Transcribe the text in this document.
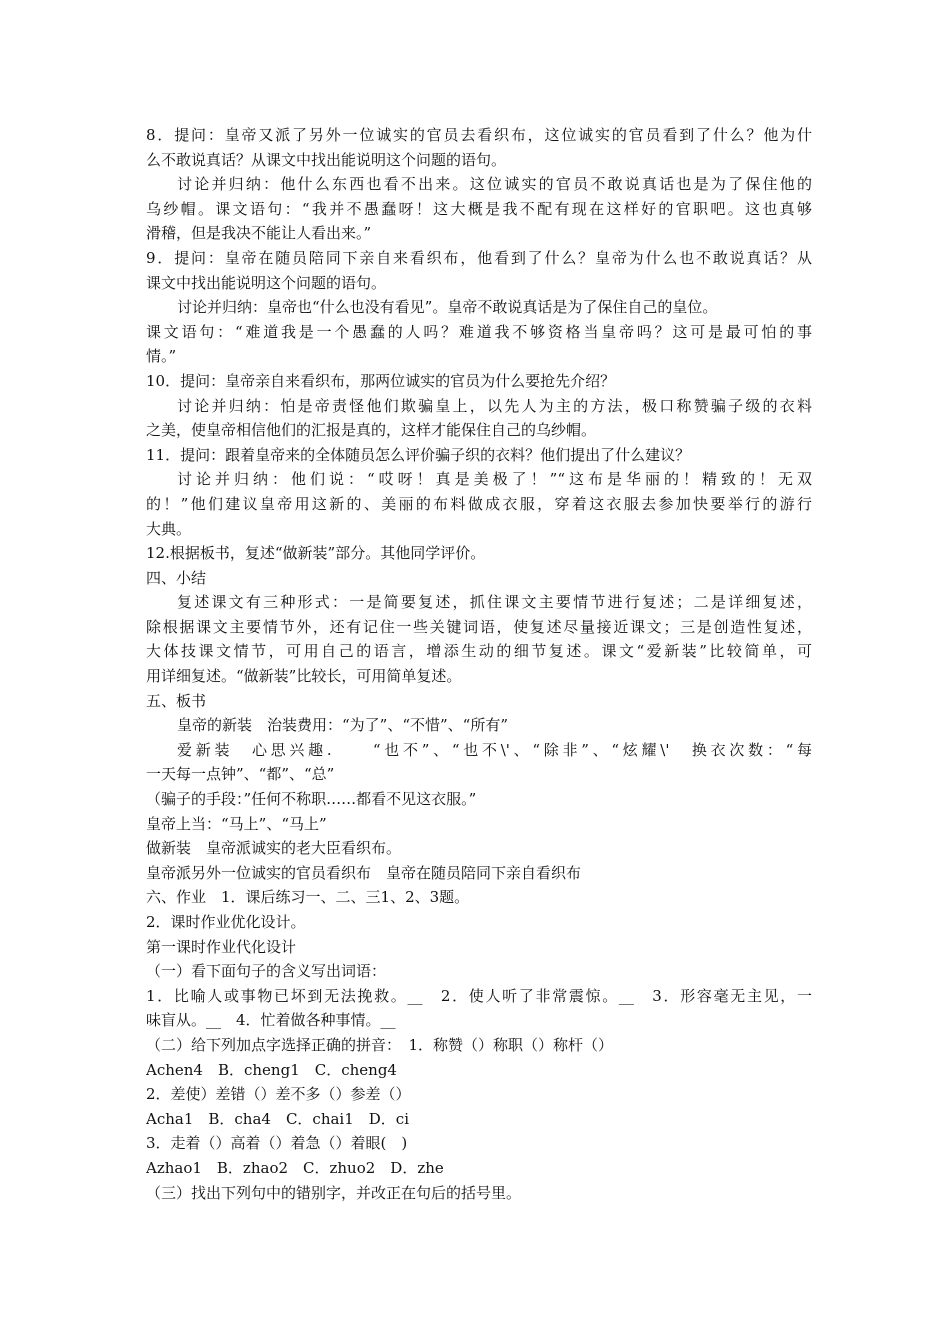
8．提问：皇帝又派了另外一位诚实的官员去看织布，这位诚实的官员看到了什么？他为什
么不敢说真话？从课文中找出能说明这个问题的语句。
讨论并归纳：他什么东西也看不出来。这位诚实的官员不敢说真话也是为了保住他的
乌纱帽。课文语句：“我并不愚蠢呀！这大概是我不配有现在这样好的官职吧。这也真够
滑稽，但是我决不能让人看出来。”
9．提问：皇帝在随员陪同下亲自来看织布，他看到了什么？皇帝为什么也不敢说真话？从
课文中找出能说明这个问题的语句。
讨论并归纳：皇帝也“什么也没有看见”。皇帝不敢说真话是为了保住自己的皇位。
课文语句：“难道我是一个愚蠢的人吗？难道我不够资格当皇帝吗？这可是最可怕的事
情。”
10．提问：皇帝亲自来看织布，那两位诚实的官员为什么要抢先介绍？
讨论并归纳：怕是帝责怪他们欺骗皇上，以先人为主的方法，极口称赞骗子级的衣料
之美，使皇帝相信他们的汇报是真的，这样才能保住自己的乌纱帽。
11．提问：跟着皇帝来的全体随员怎么评价骗子织的衣料？他们提出了什么建议？
讨论并归纳：他们说：“哎呀！真是美极了！”“这布是华丽的！精致的！无双
的！”他们建议皇帝用这新的、美丽的布料做成衣服，穿着这衣服去参加快要举行的游行
大典。
12.根据板书，复述“做新装”部分。其他同学评价。
四、小结
复述课文有三种形式：一是简要复述，抓住课文主要情节进行复述；二是详细复述，
除根据课文主要情节外，还有记住一些关键词语，使复述尽量接近课文；三是创造性复述，
大体技课文情节，可用自己的语言，增添生动的细节复述。课文“爱新装”比较简单，可
用详细复述。“做新装”比较长，可用简单复述。
五、板书
皇帝的新装　治装费用：“为了”、“不惜”、“所有”
爱新装　心思兴趣.　　“也不”、“也不\'、“除非”、“炫耀\'　换衣次数：“每
一天每一点钟”、“都”、“总”
（骗子的手段：”任何不称职……都看不见这衣服。”
皇帝上当：“马上”、“马上”
做新装　皇帝派诚实的老大臣看织布。
皇帝派另外一位诚实的官员看织布　皇帝在随员陪同下亲自看织布
六、作业　1．课后练习一、二、三1、2、3题。
2．课时作业优化设计。
第一课时作业代化设计
（一）看下面句子的含义写出词语：
1．比喻人或事物已坏到无法挽救。__　2．使人听了非常震惊。__　3．形容毫无主见，一
味盲从。__　4．忙着做各种事情。__
（二）给下列加点字选择正确的拼音：　1．称赞（）称职（）称杆（）
Achen4　B．cheng1　C．cheng4
2．差使）差错（）差不多（）参差（）
Acha1　B．cha4　C．chai1　D．ci
3．走着（）高着（）着急（）着眼(　)
Azhao1　B．zhao2　C．zhuo2　D．zhe
（三）找出下列句中的错别字，并改正在句后的括号里。
